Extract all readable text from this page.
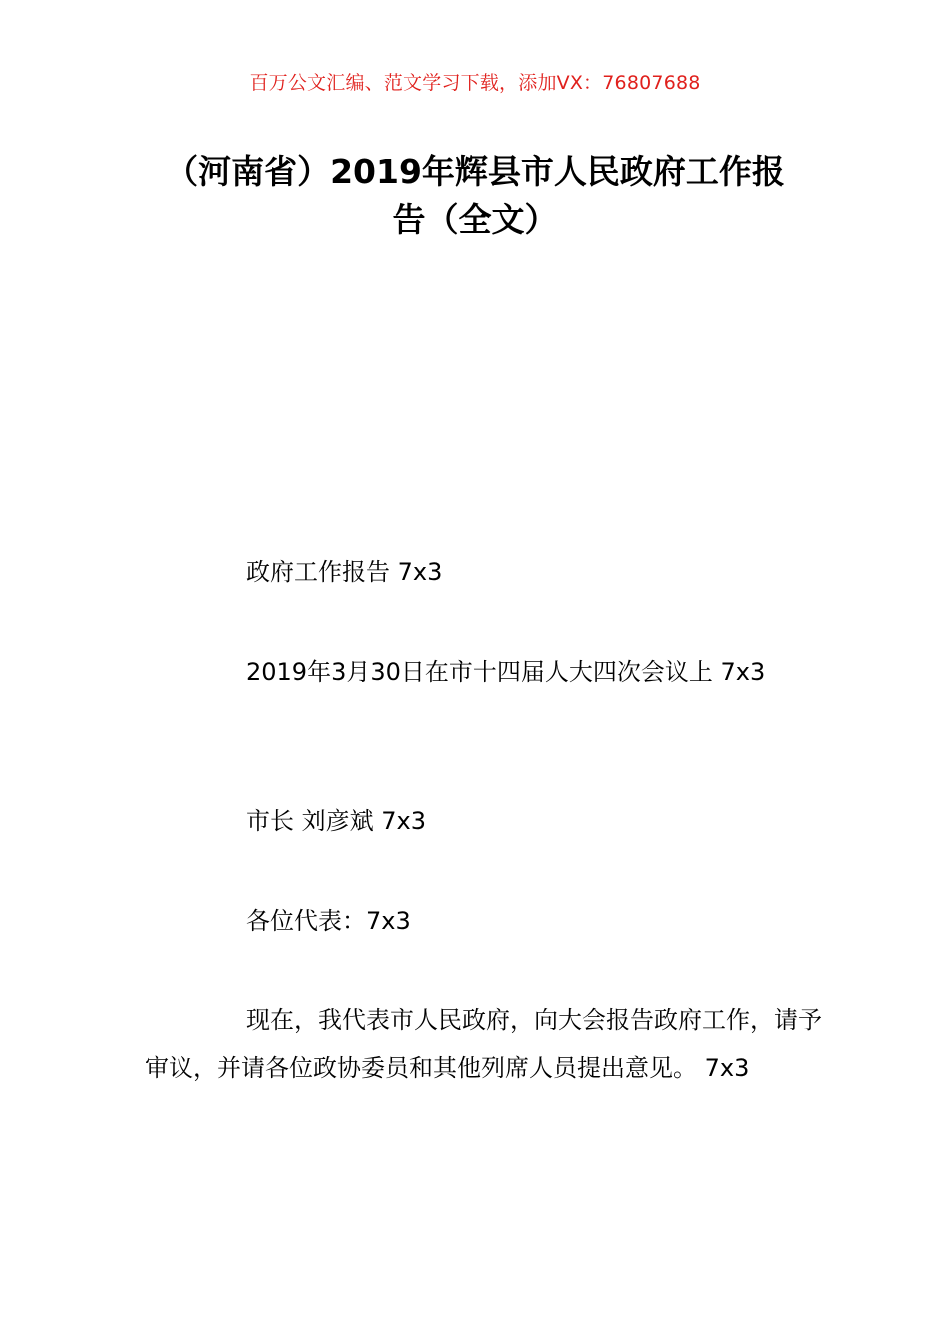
百万公文汇编、范文学习下载，添加VX：76807688
（河南省）2019年辉县市人民政府工作报
告（全文）
政府工作报告 7x3
2019年3月30日在市十四届人大四次会议上 7x3
市长 刘彦斌 7x3
各位代表：7x3
现在，我代表市人民政府，向大会报告政府工作，请予审议，并请各位政协委员和其他列席人员提出意见。 7x3
